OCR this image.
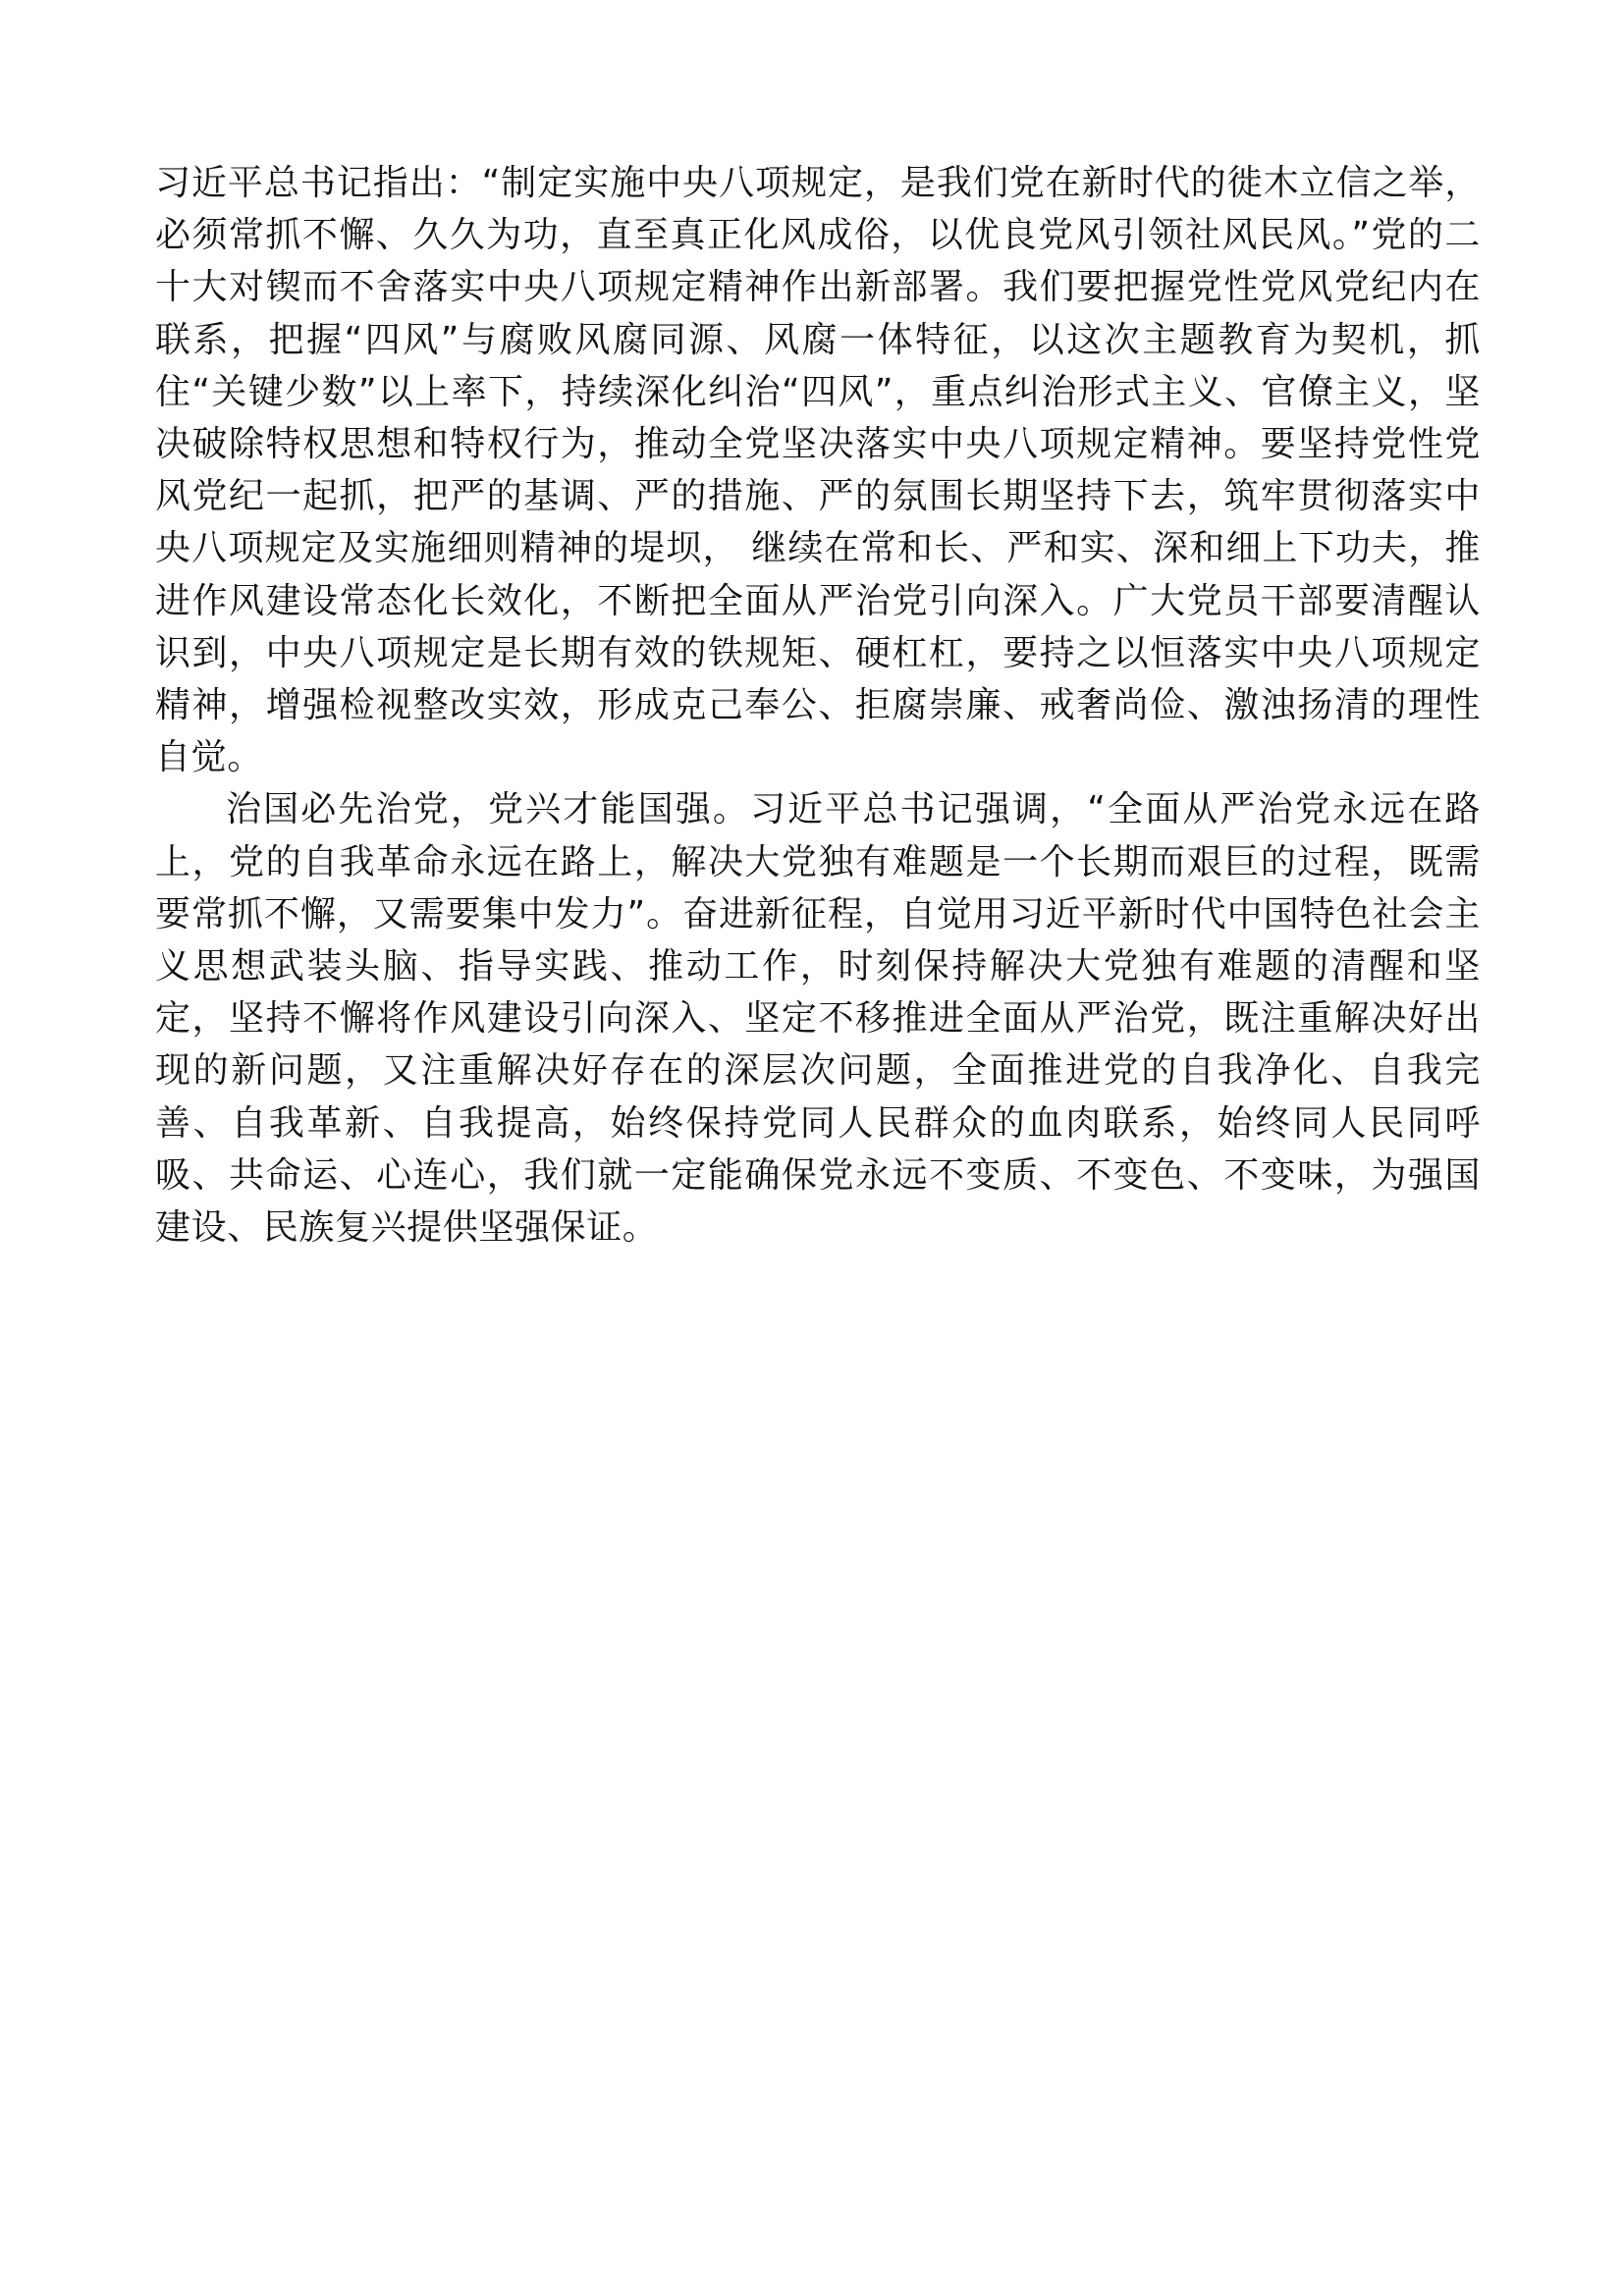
习近平总书记指出：“制定实施中央八项规定，是我们党在新时代的徙木立信之举，必须常抓不懈、久久为功，直至真正化风成俗，以优良党风引领社风民风。”党的二十大对锲而不舍落实中央八项规定精神作出新部署。我们要把握党性党风党纪内在联系，把握“四风”与腐败风腐同源、风腐一体特征，以这次主题教育为契机，抓住“关键少数”以上率下，持续深化纠治“四风”，重点纠治形式主义、官僚主义，坚决破除特权思想和特权行为，推动全党坚决落实中央八项规定精神。要坚持党性党风党纪一起抓，把严的基调、严的措施、严的氛围长期坚持下去，筑牢贯彻落实中央八项规定及实施细则精神的堤坝， 继续在常和长、严和实、深和细上下功夫，推进作风建设常态化长效化，不断把全面从严治党引向深入。广大党员干部要清醒认识到，中央八项规定是长期有效的铁规矩、硬杠杠，要持之以恒落实中央八项规定精神，增强检视整改实效，形成克己奉公、拒腐崇廉、戒奢尚俭、激浊扬清的理性自觉。

治国必先治党，党兴才能国强。习近平总书记强调，“全面从严治党永远在路上，党的自我革命永远在路上，解决大党独有难题是一个长期而艰巨的过程，既需要常抓不懈，又需要集中发力”。奋进新征程，自觉用习近平新时代中国特色社会主义思想武装头脑、指导实践、推动工作，时刻保持解决大党独有难题的清醒和坚定，坚持不懈将作风建设引向深入、坚定不移推进全面从严治党，既注重解决好出现的新问题，又注重解决好存在的深层次问题，全面推进党的自我净化、自我完善、自我革新、自我提高，始终保持党同人民群众的血肉联系，始终同人民同呼吸、共命运、心连心，我们就一定能确保党永远不变质、不变色、不变味，为强国建设、民族复兴提供坚强保证。
